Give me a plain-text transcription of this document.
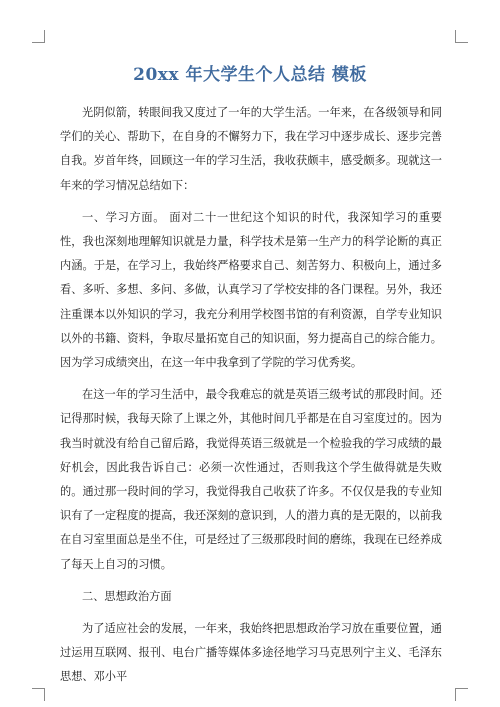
20xx 年大学生个人总结 模板

光阴似箭，转眼间我又度过了一年的大学生活。一年来，在各级领导和同学们的关心、帮助下，在自身的不懈努力下，我在学习中逐步成长、逐步完善自我。岁首年终，回顾这一年的学习生活，我收获颇丰，感受颇多。现就这一年来的学习情况总结如下：

一、学习方面。 面对二十一世纪这个知识的时代，我深知学习的重要性，我也深刻地理解知识就是力量，科学技术是第一生产力的科学论断的真正内涵。于是，在学习上，我始终严格要求自己、刻苦努力、积极向上，通过多看、多听、多想、多问、多做，认真学习了学校安排的各门课程。另外，我还注重课本以外知识的学习，我充分利用学校图书馆的有利资源，自学专业知识以外的书籍、资料，争取尽量拓宽自己的知识面，努力提高自己的综合能力。因为学习成绩突出，在这一年中我拿到了学院的学习优秀奖。

在这一年的学习生活中，最令我难忘的就是英语三级考试的那段时间。还记得那时候，我每天除了上课之外，其他时间几乎都是在自习室度过的。因为我当时就没有给自己留后路，我觉得英语三级就是一个检验我的学习成绩的最好机会，因此我告诉自己：必须一次性通过，否则我这个学生做得就是失败的。通过那一段时间的学习，我觉得我自己收获了许多。不仅仅是我的专业知识有了一定程度的提高，我还深刻的意识到，人的潜力真的是无限的，以前我在自习室里面总是坐不住，可是经过了三级那段时间的磨练，我现在已经养成了每天上自习的习惯。

二、思想政治方面

为了适应社会的发展，一年来，我始终把思想政治学习放在重要位置，通过运用互联网、报刊、电台广播等媒体多途径地学习马克思列宁主义、毛泽东思想、邓小平
